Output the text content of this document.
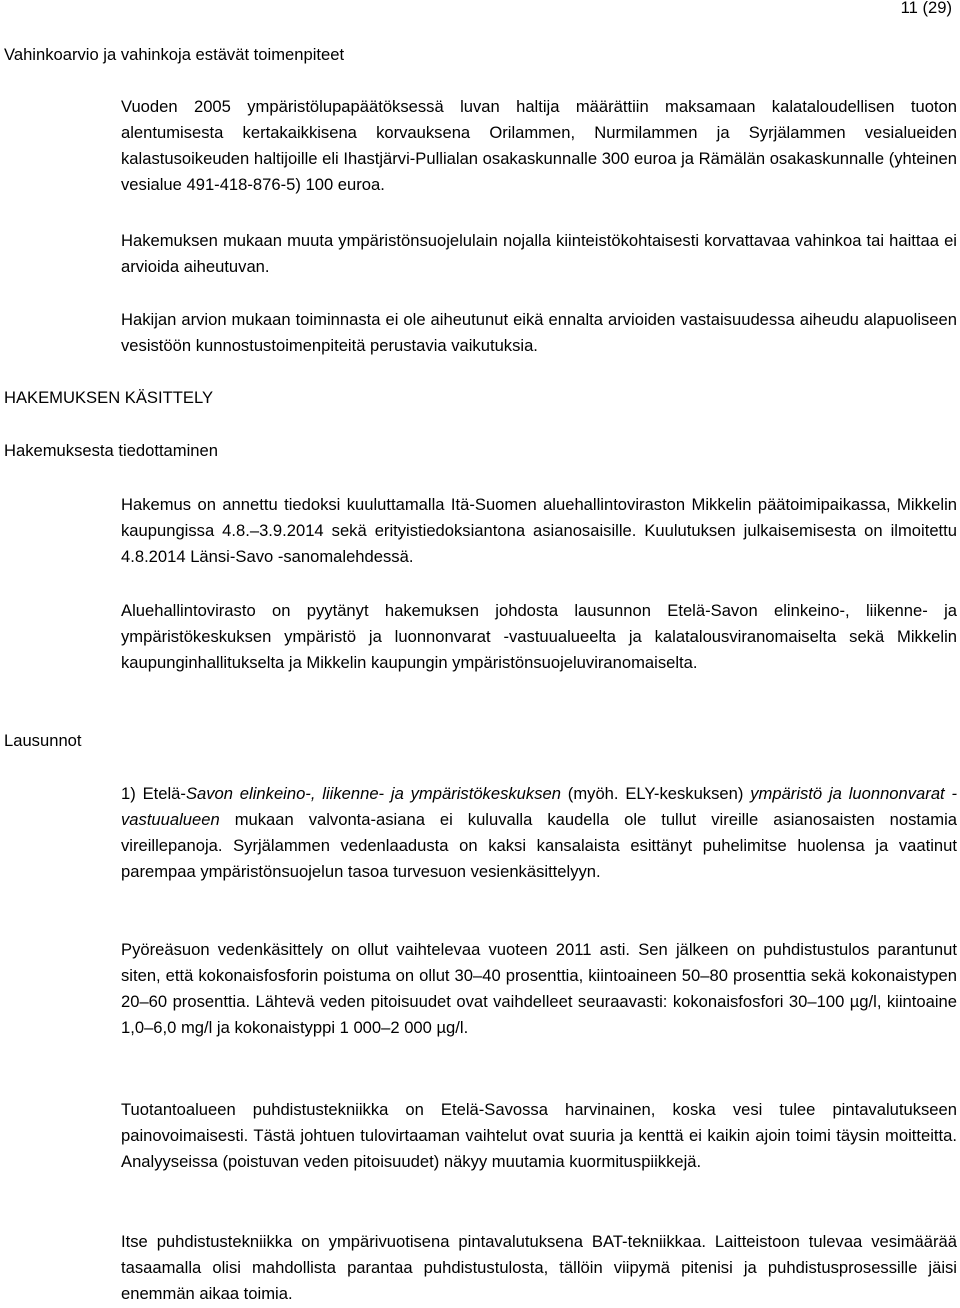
11 (29)
Vahinkoarvio ja vahinkoja estävät toimenpiteet

Vuoden 2005 ympäristölupapäätöksessä luvan haltija määrättiin maksamaan kalataloudellisen tuoton alentumisesta kertakaikkisena korvauksena Orilammen, Nurmilammen ja Syrjälammen vesialueiden kalastusoikeuden haltijoille eli Ihastjärvi-Pullialan osakaskunnalle 300 euroa ja Rämälän osakaskunnalle (yhteinen vesialue 491-418-876-5) 100 euroa.

Hakemuksen mukaan muuta ympäristönsuojelulain nojalla kiinteistökohtaisesti korvattavaa vahinkoa tai haittaa ei arvioida aiheutuvan.

Hakijan arvion mukaan toiminnasta ei ole aiheutunut eikä ennalta arvioiden vastaisuudessa aiheudu alapuoliseen vesistöön kunnostustoimenpiteitä perustavia vaikutuksia.

HAKEMUKSEN KÄSITTELY
Hakemuksesta tiedottaminen

Hakemus on annettu tiedoksi kuuluttamalla Itä-Suomen aluehallintoviraston Mikkelin päätoimipaikassa, Mikkelin kaupungissa 4.8.–3.9.2014 sekä erityistiedoksiantona asianosaisille. Kuulutuksen julkaisemisesta on ilmoitettu 4.8.2014 Länsi-Savo -sanomalehdessä.

Aluehallintovirasto on pyytänyt hakemuksen johdosta lausunnon Etelä-Savon elinkeino-, liikenne- ja ympäristökeskuksen ympäristö ja luonnonvarat -vastuualueelta ja kalatalousviranomaiselta sekä Mikkelin kaupunginhallitukselta ja Mikkelin kaupungin ympäristönsuojeluviranomaiselta.

Lausunnot

1) Etelä-Savon elinkeino-, liikenne- ja ympäristökeskuksen (myöh. ELY-keskuksen) ympäristö ja luonnonvarat -vastuualueen mukaan valvonta-asiana ei kuluvalla kaudella ole tullut vireille asianosaisten nostamia vireillepanoja. Syrjälammen vedenlaadusta on kaksi kansalaista esittänyt puhelimitse huolensa ja vaatinut parempaa ympäristönsuojelun tasoa turvesuon vesienkäsittelyyn.

Pyöreäsuon vedenkäsittely on ollut vaihtelevaa vuoteen 2011 asti. Sen jälkeen on puhdistustulos parantunut siten, että kokonaisfosforin poistuma on ollut 30–40 prosenttia, kiintoaineen 50–80 prosenttia sekä kokonaistypen 20–60 prosenttia. Lähtevä veden pitoisuudet ovat vaihdelleet seuraavasti: kokonaisfosfori 30–100 µg/l, kiintoaine 1,0–6,0 mg/l ja kokonaistyppi 1 000–2 000 µg/l.

Tuotantoalueen puhdistustekniikka on Etelä-Savossa harvinainen, koska vesi tulee pintavalutukseen painovoimaisesti. Tästä johtuen tulovirtaaman vaihtelut ovat suuria ja kenttä ei kaikin ajoin toimi täysin moitteitta. Analyyseissa (poistuvan veden pitoisuudet) näkyy muutamia kuormituspiikkejä.

Itse puhdistustekniikka on ympärivuotisena pintavalutuksena BAT-tekniikkaa. Laitteistoon tulevaa vesimäärää tasaamalla olisi mahdollista parantaa puhdistustulosta, tällöin viipymä pitenisi ja puhdistusprosessille jäisi enemmän aikaa toimia.
